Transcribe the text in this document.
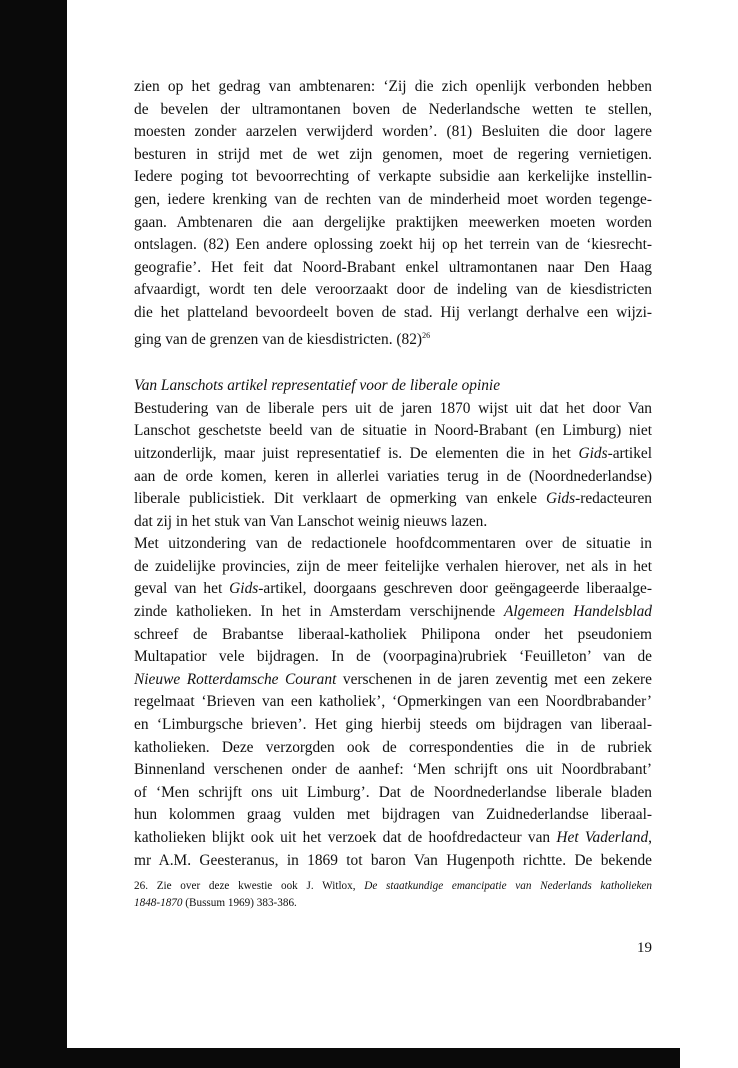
zien op het gedrag van ambtenaren: ‘Zij die zich openlijk verbonden hebben
de bevelen der ultramontanen boven de Nederlandsche wetten te stellen,
moesten zonder aarzelen verwijderd worden’. (81) Besluiten die door lagere
besturen in strijd met de wet zijn genomen, moet de regering vernietigen.
Iedere poging tot bevoorrechting of verkapte subsidie aan kerkelijke instellin-
gen, iedere krenking van de rechten van de minderheid moet worden tegenge-
gaan. Ambtenaren die aan dergelijke praktijken meewerken moeten worden
ontslagen. (82) Een andere oplossing zoekt hij op het terrein van de ‘kiesrecht-
geografie’. Het feit dat Noord-Brabant enkel ultramontanen naar Den Haag
afvaardigt, wordt ten dele veroorzaakt door de indeling van de kiesdistricten
die het platteland bevoordeelt boven de stad. Hij verlangt derhalve een wijzi-
ging van de grenzen van de kiesdistricten. $(82)^{26}$

Van Lanschots artikel representatief voor de liberale opinie

Bestudering van de liberale pers uit de jaren 1870 wijst uit dat het door Van
Lanschot geschetste beeld van de situatie in Noord-Brabant (en Limburg) niet
uitzonderlijk, maar juist representatief is. De elementen die in het Gids-artikel
aan de orde komen, keren in allerlei variaties terug in de (Noordnederlandse)
liberale publicistiek. Dit verklaart de opmerking van enkele Gids-redacteuren
dat zij in het stuk van Van Lanschot weinig nieuws lazen.

Met uitzondering van de redactionele hoofdcommentaren over de situatie in
de zuidelijke provincies, zijn de meer feitelijke verhalen hierover, net als in het
geval van het Gids-artikel, doorgaans geschreven door geëngageerde liberaalge-
zinde katholieken. In het in Amsterdam verschijnende Algemeen Handelsblad
schreef de Brabantse liberaal-katholiek Philipona onder het pseudoniem
Multapatior vele bijdragen. In de (voorpagina)rubriek ‘Feuilleton’ van de
Nieuwe Rotterdamsche Courant verschenen in de jaren zeventig met een zekere
regelmaat ‘Brieven van een katholiek’, ‘Opmerkingen van een Noordbrabander’
en ‘Limburgsche brieven’. Het ging hierbij steeds om bijdragen van liberaal-
katholieken. Deze verzorgden ook de correspondenties die in de rubriek
Binnenland verschenen onder de aanhef: ‘Men schrijft ons uit Noordbrabant’
of ‘Men schrijft ons uit Limburg’. Dat de Noordnederlandse liberale bladen
hun kolommen graag vulden met bijdragen van Zuidnederlandse liberaal-
katholieken blijkt ook uit het verzoek dat de hoofdredacteur van Het Vaderland,
mr A.M. Geesteranus, in 1869 tot baron Van Hugenpoth richtte. De bekende

26. Zie over deze kwestie ook J. Witlox, De staatkundige emancipatie van Nederlands katholieken
1848-1870 (Bussum 1969) 383-386.
19
